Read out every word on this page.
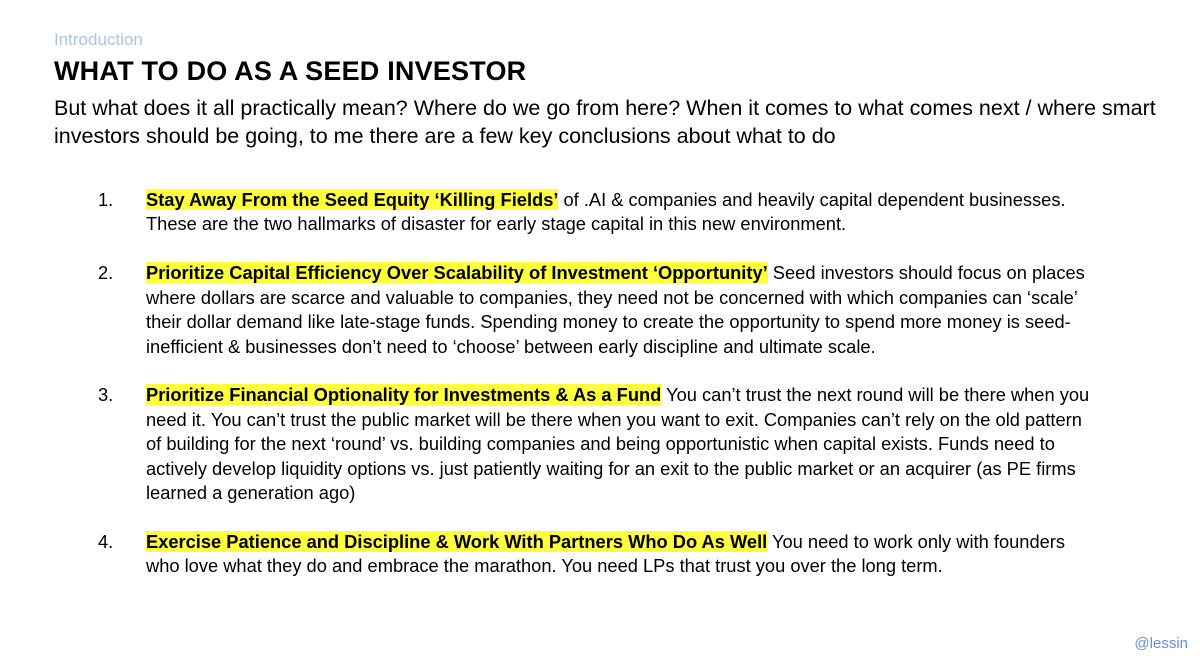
Introduction
WHAT TO DO AS A SEED INVESTOR
But what does it all practically mean? Where do we go from here? When it comes to what comes next / where smart investors should be going, to me there are a few key conclusions about what to do
1.	Stay Away From the Seed Equity ‘Killing Fields’ of .AI & companies and heavily capital dependent businesses. These are the two hallmarks of disaster for early stage capital in this new environment.
2.	Prioritize Capital Efficiency Over Scalability of Investment ‘Opportunity’ Seed investors should focus on places where dollars are scarce and valuable to companies, they need not be concerned with which companies can ‘scale’ their dollar demand like late-stage funds. Spending money to create the opportunity to spend more money is seed-inefficient & businesses don’t need to ‘choose’ between early discipline and ultimate scale.
3.	Prioritize Financial Optionality for Investments & As a Fund You can’t trust the next round will be there when you need it. You can’t trust the public market will be there when you want to exit. Companies can’t rely on the old pattern of building for the next ‘round’ vs. building companies and being opportunistic when capital exists. Funds need to actively develop liquidity options vs. just patiently waiting for an exit to the public market or an acquirer (as PE firms learned a generation ago)
4.	Exercise Patience and Discipline & Work With Partners Who Do As Well You need to work only with founders who love what they do and embrace the marathon. You need LPs that trust you over the long term.
@lessin
